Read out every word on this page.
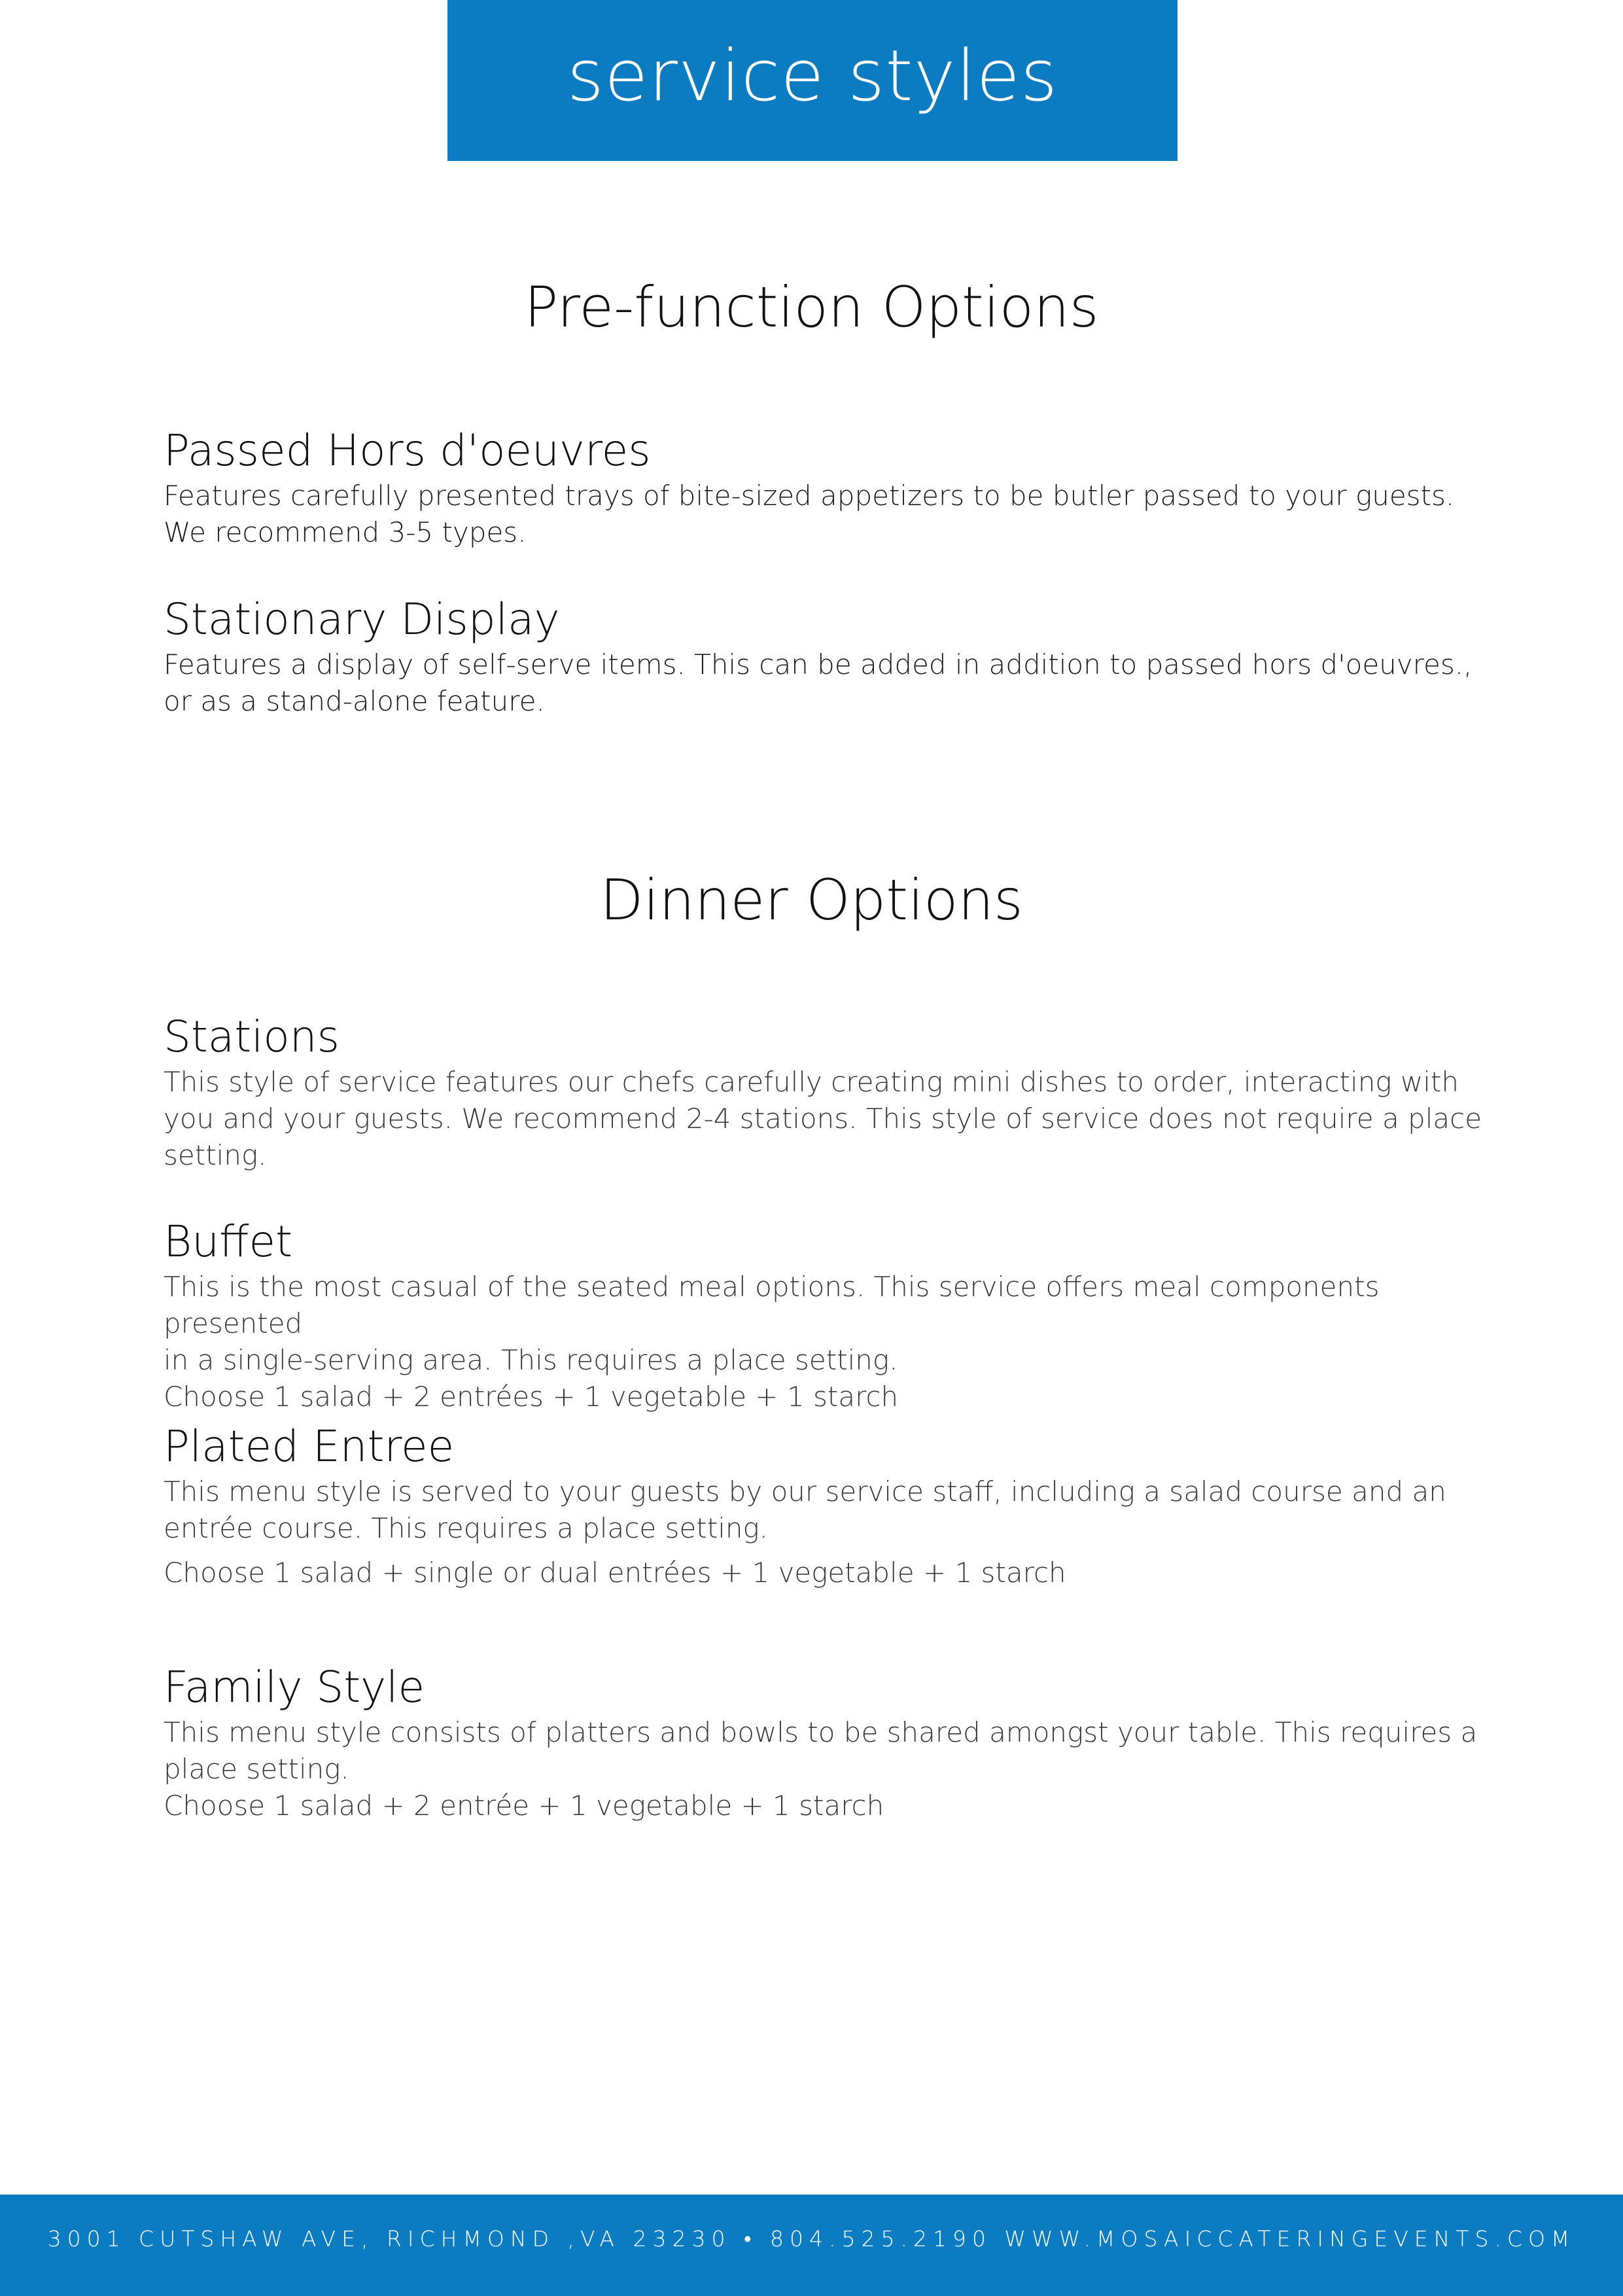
service styles
Pre-function Options
Passed Hors d'oeuvres

Features carefully presented trays of bite-sized appetizers to be butler passed to your guests.

We recommend 3-5 types.

Stationary Display

Features a display of self-serve items. This can be added in addition to passed hors d'oeuvres.,

or as a stand-alone feature.

Dinner Options
Stations

This style of service features our chefs carefully creating mini dishes to order, interacting with

you and your guests. We recommend 2-4 stations. This style of service does not require a place

setting.

Buffet

This is the most casual of the seated meal options. This service offers meal components presented

in a single-serving area. This requires a place setting.

Choose 1 salad + 2 entrées + 1 vegetable + 1 starch

Plated Entree

This menu style is served to your guests by our service staff, including a salad course and an

entrée course. This requires a place setting.

Choose 1 salad + single or dual entrées + 1 vegetable + 1 starch

Family Style

This menu style consists of platters and bowls to be shared amongst your table. This requires a

place setting.

Choose 1 salad + 2 entrée + 1 vegetable + 1 starch

3001 CUTSHAW AVE, RICHMOND ,VA 23230 • 804.525.2190 WWW.MOSAICCATERINGEVENTS.COM
